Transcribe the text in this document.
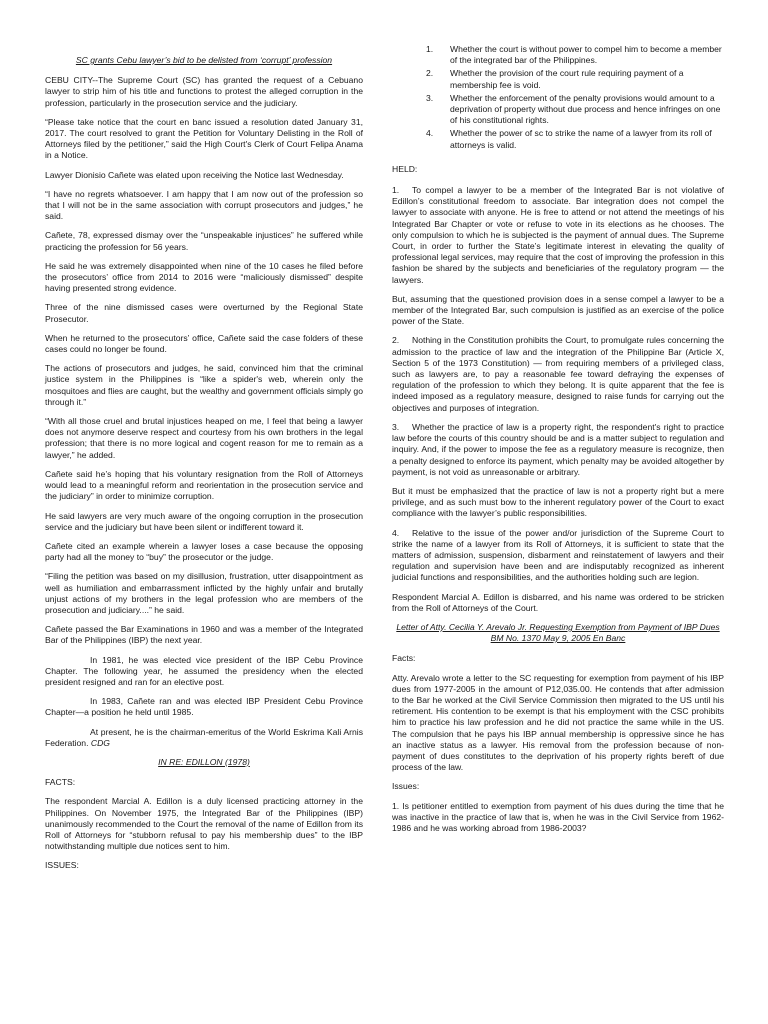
SC grants Cebu lawyer’s bid to be delisted from ‘corrupt’ profession

CEBU CITY--The Supreme Court (SC) has granted the request of a Cebuano lawyer to strip him of his title and functions to protest the alleged corruption in the profession, particularly in the prosecution service and the judiciary.

“Please take notice that the court en banc issued a resolution dated January 31, 2017. The court resolved to grant the Petition for Voluntary Delisting in the Roll of Attorneys filed by the petitioner,” said the High Court's Clerk of Court Felipa Anama in a Notice.

Lawyer Dionisio Cañete was elated upon receiving the Notice last Wednesday.

“I have no regrets whatsoever. I am happy that I am now out of the profession so that I will not be in the same association with corrupt prosecutors and judges,” he said.

Cañete, 78, expressed dismay over the “unspeakable injustices” he suffered while practicing the profession for 56 years.

He said he was extremely disappointed when nine of the 10 cases he filed before the prosecutors’ office from 2014 to 2016 were “maliciously dismissed” despite having presented strong evidence.

Three of the nine dismissed cases were overturned by the Regional State Prosecutor.

When he returned to the prosecutors’ office, Cañete said the case folders of these cases could no longer be found.

The actions of prosecutors and judges, he said, convinced him that the criminal justice system in the Philippines is “like a spider's web, wherein only the mosquitoes and flies are caught, but the wealthy and government officials simply go through it.”

“With all those cruel and brutal injustices heaped on me, I feel that being a lawyer does not anymore deserve respect and courtesy from his own brothers in the legal profession; that there is no more logical and cogent reason for me to remain as a lawyer,” he added.

Cañete said he’s hoping that his voluntary resignation from the Roll of Attorneys would lead to a meaningful reform and reorientation in the prosecution service and the judiciary” in order to minimize corruption.

He said lawyers are very much aware of the ongoing corruption in the prosecution service and the judiciary but have been silent or indifferent toward it.

Cañete cited an example wherein a lawyer loses a case because the opposing party had all the money to “buy” the prosecutor or the judge.

“Filing the petition was based on my disillusion, frustration, utter disappointment as well as humiliation and embarrassment inflicted by the highly unfair and brutally unjust actions of my brothers in the legal profession who are members of the prosecution and judiciary....” he said.

Cañete passed the Bar Examinations in 1960 and was a member of the Integrated Bar of the Philippines (IBP) the next year.

In 1981, he was elected vice president of the IBP Cebu Province Chapter. The following year, he assumed the presidency when the elected president resigned and ran for an elective post.

In 1983, Cañete ran and was elected IBP President Cebu Province Chapter—a position he held until 1985.

At present, he is the chairman-emeritus of the World Eskrima Kali Arnis Federation. CDG

IN RE: EDILLON (1978)

FACTS:

The respondent Marcial A. Edillon is a duly licensed practicing attorney in the Philippines. On November 1975, the Integrated Bar of the Philippines (IBP) unanimously recommended to the Court the removal of the name of Edillon from its Roll of Attorneys for “stubborn refusal to pay his membership dues” to the IBP notwithstanding multiple due notices sent to him.

ISSUES:

1. Whether the court is without power to compel him to become a member of the integrated bar of the Philippines.
2. Whether the provision of the court rule requiring payment of a membership fee is void.
3. Whether the enforcement of the penalty provisions would amount to a deprivation of property without due process and hence infringes on one of his constitutional rights.
4. Whether the power of sc to strike the name of a lawyer from its roll of attorneys is valid.

HELD:

1. To compel a lawyer to be a member of the Integrated Bar is not violative of Edillon’s constitutional freedom to associate. Bar integration does not compel the lawyer to associate with anyone. He is free to attend or not attend the meetings of his Integrated Bar Chapter or vote or refuse to vote in its elections as he chooses. The only compulsion to which he is subjected is the payment of annual dues. The Supreme Court, in order to further the State’s legitimate interest in elevating the quality of professional legal services, may require that the cost of improving the profession in this fashion be shared by the subjects and beneficiaries of the regulatory program — the lawyers.

But, assuming that the questioned provision does in a sense compel a lawyer to be a member of the Integrated Bar, such compulsion is justified as an exercise of the police power of the State.

2. Nothing in the Constitution prohibits the Court, to promulgate rules concerning the admission to the practice of law and the integration of the Philippine Bar (Article X, Section 5 of the 1973 Constitution) — from requiring members of a privileged class, such as lawyers are, to pay a reasonable fee toward defraying the expenses of regulation of the profession to which they belong. It is quite apparent that the fee is indeed imposed as a regulatory measure, designed to raise funds for carrying out the objectives and purposes of integration.

3. Whether the practice of law is a property right, the respondent's right to practice law before the courts of this country should be and is a matter subject to regulation and inquiry. And, if the power to impose the fee as a regulatory measure is recognize, then a penalty designed to enforce its payment, which penalty may be avoided altogether by payment, is not void as unreasonable or arbitrary.

But it must be emphasized that the practice of law is not a property right but a mere privilege, and as such must bow to the inherent regulatory power of the Court to exact compliance with the lawyer’s public responsibilities.

4. Relative to the issue of the power and/or jurisdiction of the Supreme Court to strike the name of a lawyer from its Roll of Attorneys, it is sufficient to state that the matters of admission, suspension, disbarment and reinstatement of lawyers and their regulation and supervision have been and are indisputably recognized as inherent judicial functions and responsibilities, and the authorities holding such are legion.

Respondent Marcial A. Edillon is disbarred, and his name was ordered to be stricken from the Roll of Attorneys of the Court.

Letter of Atty. Cecilia Y. Arevalo Jr. Requesting Exemption from Payment of IBP Dues BM No. 1370 May 9, 2005 En Banc

Facts:

Atty. Arevalo wrote a letter to the SC requesting for exemption from payment of his IBP dues from 1977-2005 in the amount of P12,035.00. He contends that after admission to the Bar he worked at the Civil Service Commission then migrated to the US until his retirement. His contention to be exempt is that his employment with the CSC prohibits him to practice his law profession and he did not practice the same while in the US. The compulsion that he pays his IBP annual membership is oppressive since he has an inactive status as a lawyer. His removal from the profession because of non-payment of dues constitutes to the deprivation of his property rights bereft of due process of the law.

Issues:

1. Is petitioner entitled to exemption from payment of his dues during the time that he was inactive in the practice of law that is, when he was in the Civil Service from 1962-1986 and he was working abroad from 1986-2003?
